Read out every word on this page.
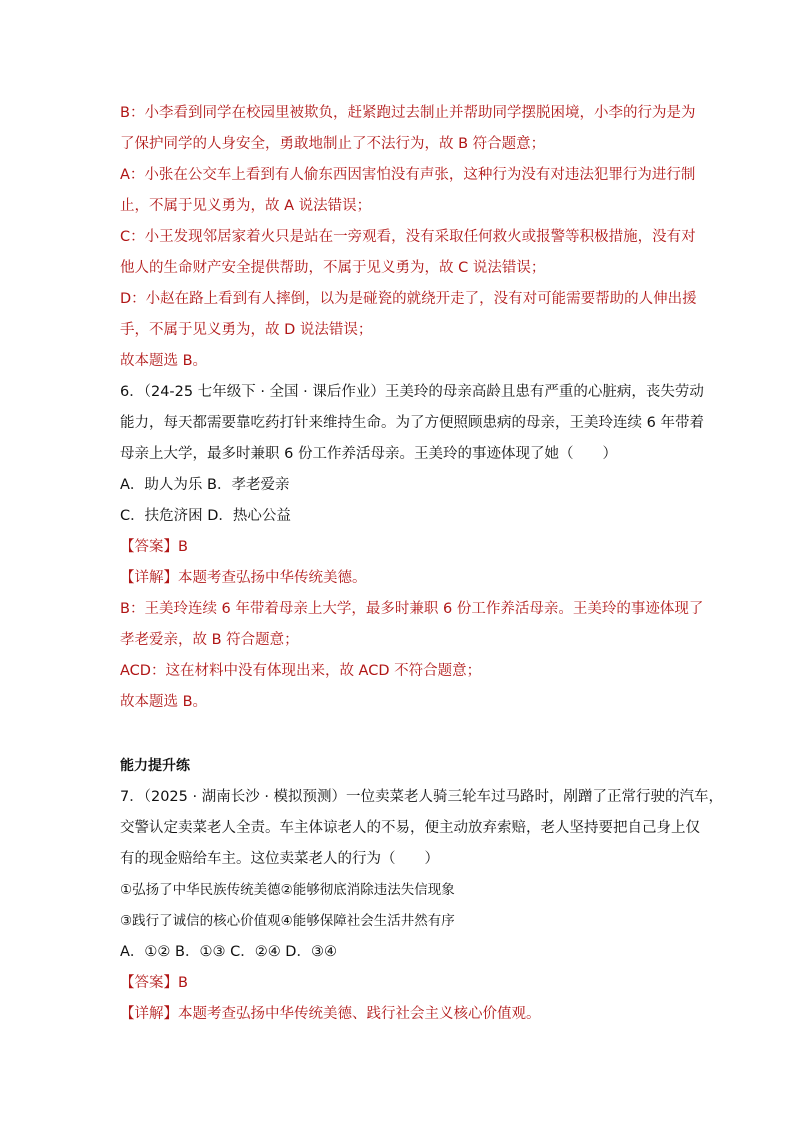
B：小李看到同学在校园里被欺负，赶紧跑过去制止并帮助同学摆脱困境，小李的行为是为
了保护同学的人身安全，勇敢地制止了不法行为，故 B 符合题意；
A：小张在公交车上看到有人偷东西因害怕没有声张，这种行为没有对违法犯罪行为进行制
止，不属于见义勇为，故 A 说法错误；
C：小王发现邻居家着火只是站在一旁观看，没有采取任何救火或报警等积极措施，没有对
他人的生命财产安全提供帮助，不属于见义勇为，故 C 说法错误；
D：小赵在路上看到有人摔倒，以为是碰瓷的就绕开走了，没有对可能需要帮助的人伸出援
手，不属于见义勇为，故 D 说法错误；
故本题选 B。
6．（24-25 七年级下 · 全国 · 课后作业）王美玲的母亲高龄且患有严重的心脏病，丧失劳动
能力，每天都需要靠吃药打针来维持生命。为了方便照顾患病的母亲，王美玲连续 6 年带着
母亲上大学，最多时兼职 6 份工作养活母亲。王美玲的事迹体现了她（　　）
A．助人为乐 B．孝老爱亲
C．扶危济困 D．热心公益
【答案】B
【详解】本题考查弘扬中华传统美德。
B：王美玲连续 6 年带着母亲上大学，最多时兼职 6 份工作养活母亲。王美玲的事迹体现了
孝老爱亲，故 B 符合题意；
ACD：这在材料中没有体现出来，故 ACD 不符合题意；
故本题选 B。
能力提升练
7．（2025 · 湖南长沙 · 模拟预测）一位卖菜老人骑三轮车过马路时，剐蹭了正常行驶的汽车，
交警认定卖菜老人全责。车主体谅老人的不易，便主动放弃索赔，老人坚持要把自己身上仅
有的现金赔给车主。这位卖菜老人的行为（　　）
①弘扬了中华民族传统美德②能够彻底消除违法失信现象
③践行了诚信的核心价值观④能够保障社会生活井然有序
A．①② B．①③ C．②④ D．③④
【答案】B
【详解】本题考查弘扬中华传统美德、践行社会主义核心价值观。
